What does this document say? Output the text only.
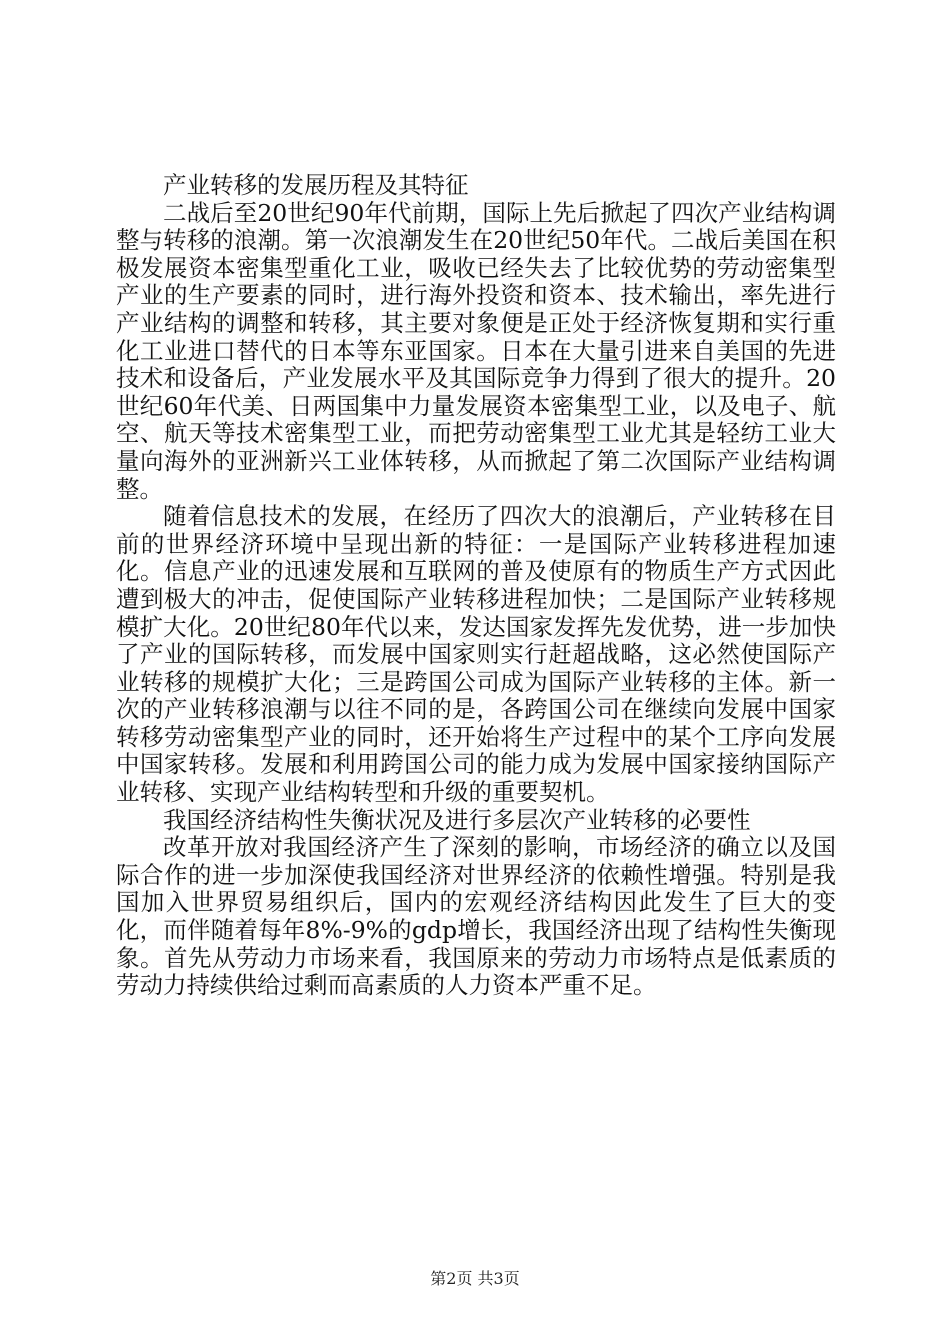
产业转移的发展历程及其特征

二战后至20世纪90年代前期，国际上先后掀起了四次产业结构调整与转移的浪潮。第一次浪潮发生在20世纪50年代。二战后美国在积极发展资本密集型重化工业，吸收已经失去了比较优势的劳动密集型产业的生产要素的同时，进行海外投资和资本、技术输出，率先进行产业结构的调整和转移，其主要对象便是正处于经济恢复期和实行重化工业进口替代的日本等东亚国家。日本在大量引进来自美国的先进技术和设备后，产业发展水平及其国际竞争力得到了很大的提升。20世纪60年代美、日两国集中力量发展资本密集型工业，以及电子、航空、航天等技术密集型工业，而把劳动密集型工业尤其是轻纺工业大量向海外的亚洲新兴工业体转移，从而掀起了第二次国际产业结构调整。

随着信息技术的发展，在经历了四次大的浪潮后，产业转移在目前的世界经济环境中呈现出新的特征：一是国际产业转移进程加速化。信息产业的迅速发展和互联网的普及使原有的物质生产方式因此遭到极大的冲击，促使国际产业转移进程加快；二是国际产业转移规模扩大化。20世纪80年代以来，发达国家发挥先发优势，进一步加快了产业的国际转移，而发展中国家则实行赶超战略，这必然使国际产业转移的规模扩大化；三是跨国公司成为国际产业转移的主体。新一次的产业转移浪潮与以往不同的是，各跨国公司在继续向发展中国家转移劳动密集型产业的同时，还开始将生产过程中的某个工序向发展中国家转移。发展和利用跨国公司的能力成为发展中国家接纳国际产业转移、实现产业结构转型和升级的重要契机。

我国经济结构性失衡状况及进行多层次产业转移的必要性

改革开放对我国经济产生了深刻的影响，市场经济的确立以及国际合作的进一步加深使我国经济对世界经济的依赖性增强。特别是我国加入世界贸易组织后，国内的宏观经济结构因此发生了巨大的变化，而伴随着每年8%-9%的gdp增长，我国经济出现了结构性失衡现象。首先从劳动力市场来看，我国原来的劳动力市场特点是低素质的劳动力持续供给过剩而高素质的人力资本严重不足。

第2页 共3页
